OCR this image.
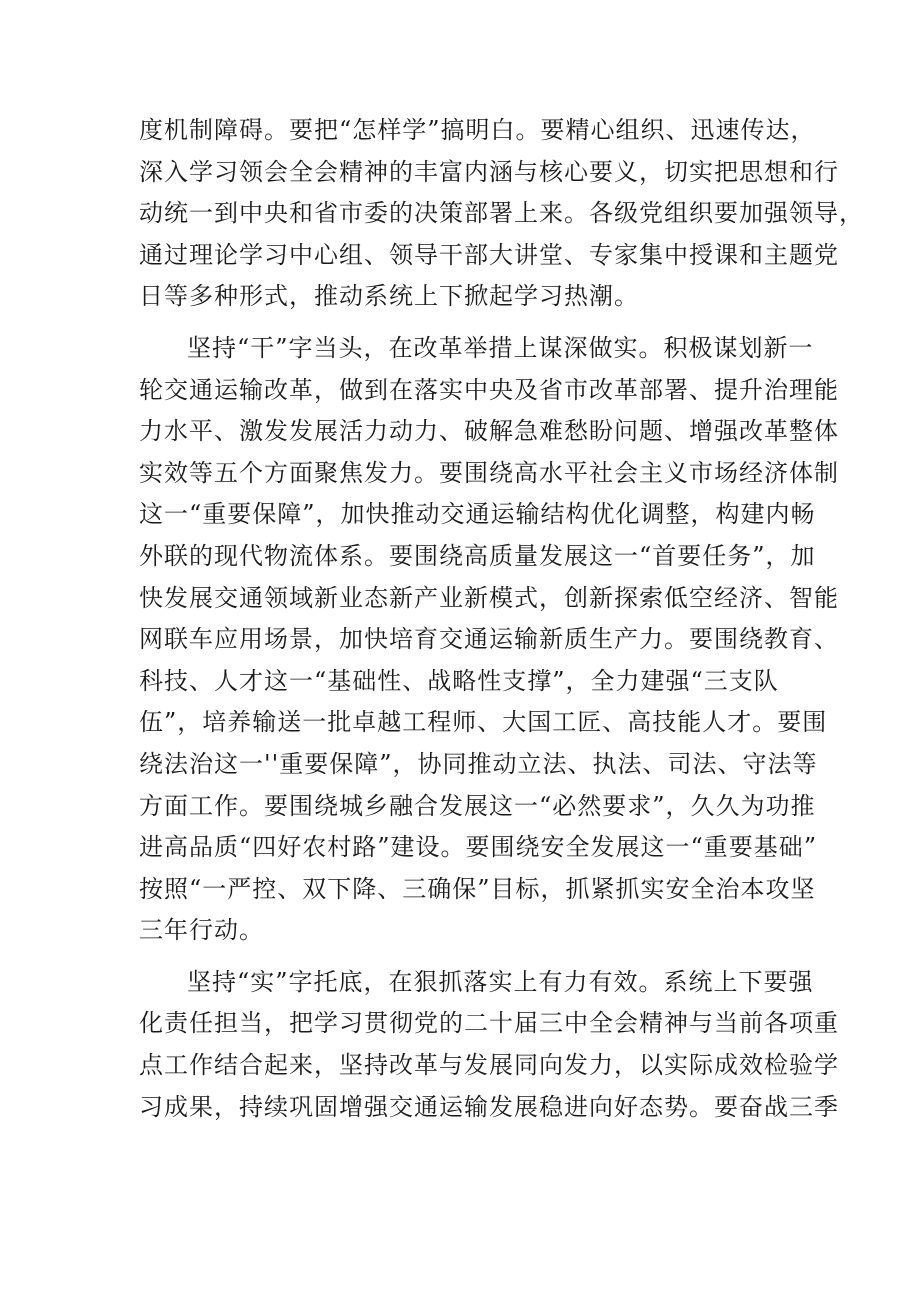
度机制障碍。要把“怎样学”搞明白。要精心组织、迅速传达，
深入学习领会全会精神的丰富内涵与核心要义，切实把思想和行
动统一到中央和省市委的决策部署上来。各级党组织要加强领导，
通过理论学习中心组、领导干部大讲堂、专家集中授课和主题党
日等多种形式，推动系统上下掀起学习热潮。
坚持“干”字当头，在改革举措上谋深做实。积极谋划新一
轮交通运输改革，做到在落实中央及省市改革部署、提升治理能
力水平、激发发展活力动力、破解急难愁盼问题、增强改革整体
实效等五个方面聚焦发力。要围绕高水平社会主义市场经济体制
这一“重要保障”，加快推动交通运输结构优化调整，构建内畅
外联的现代物流体系。要围绕高质量发展这一“首要任务”，加
快发展交通领域新业态新产业新模式，创新探索低空经济、智能
网联车应用场景，加快培育交通运输新质生产力。要围绕教育、
科技、人才这一“基础性、战略性支撑”，全力建强“三支队
伍”，培养输送一批卓越工程师、大国工匠、高技能人才。要围
绕法治这一''重要保障”，协同推动立法、执法、司法、守法等
方面工作。要围绕城乡融合发展这一“必然要求”，久久为功推
进高品质“四好农村路”建设。要围绕安全发展这一“重要基础”
按照“一严控、双下降、三确保”目标，抓紧抓实安全治本攻坚
三年行动。
坚持“实”字托底，在狠抓落实上有力有效。系统上下要强
化责任担当，把学习贯彻党的二十届三中全会精神与当前各项重
点工作结合起来，坚持改革与发展同向发力，以实际成效检验学
习成果，持续巩固增强交通运输发展稳进向好态势。要奋战三季
